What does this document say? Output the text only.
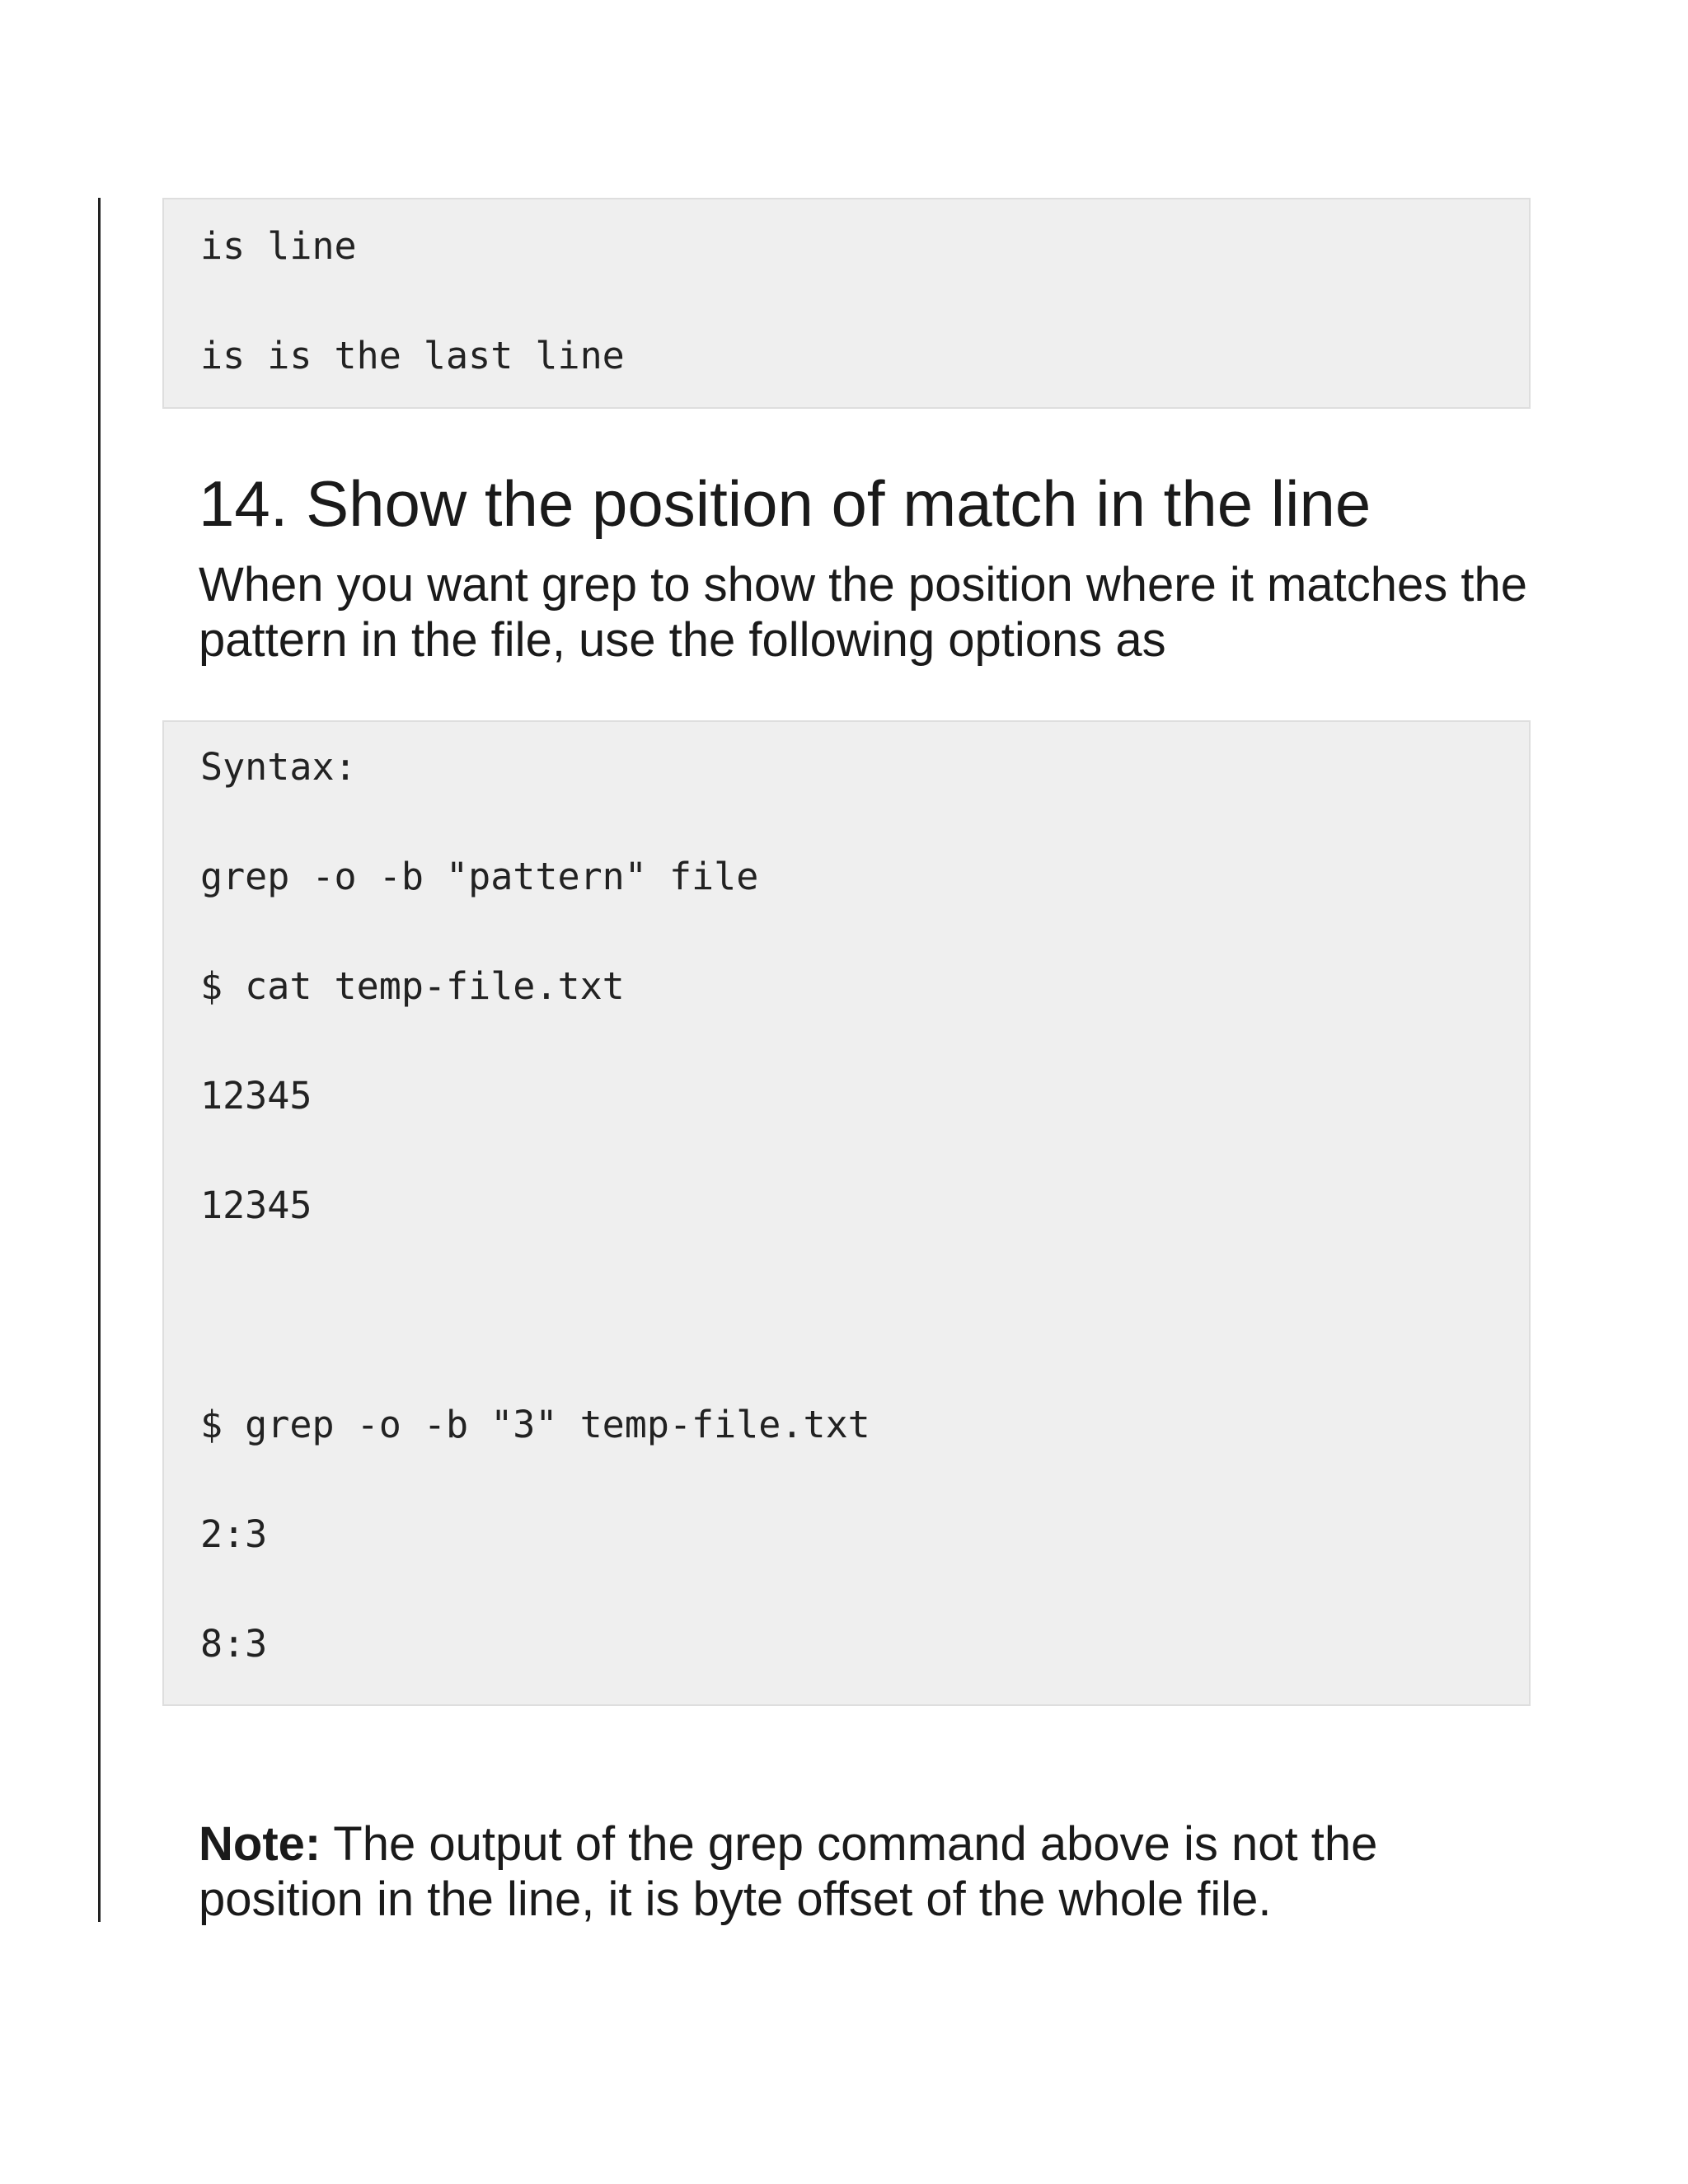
is line
is is the last line
14. Show the position of match in the line

When you want grep to show the position where it matches the pattern in the file, use the following options as

Syntax:
grep -o -b "pattern" file
$ cat temp-file.txt
12345
12345
$ grep -o -b "3" temp-file.txt
2:3
8:3

Note: The output of the grep command above is not the position in the line, it is byte offset of the whole file.
